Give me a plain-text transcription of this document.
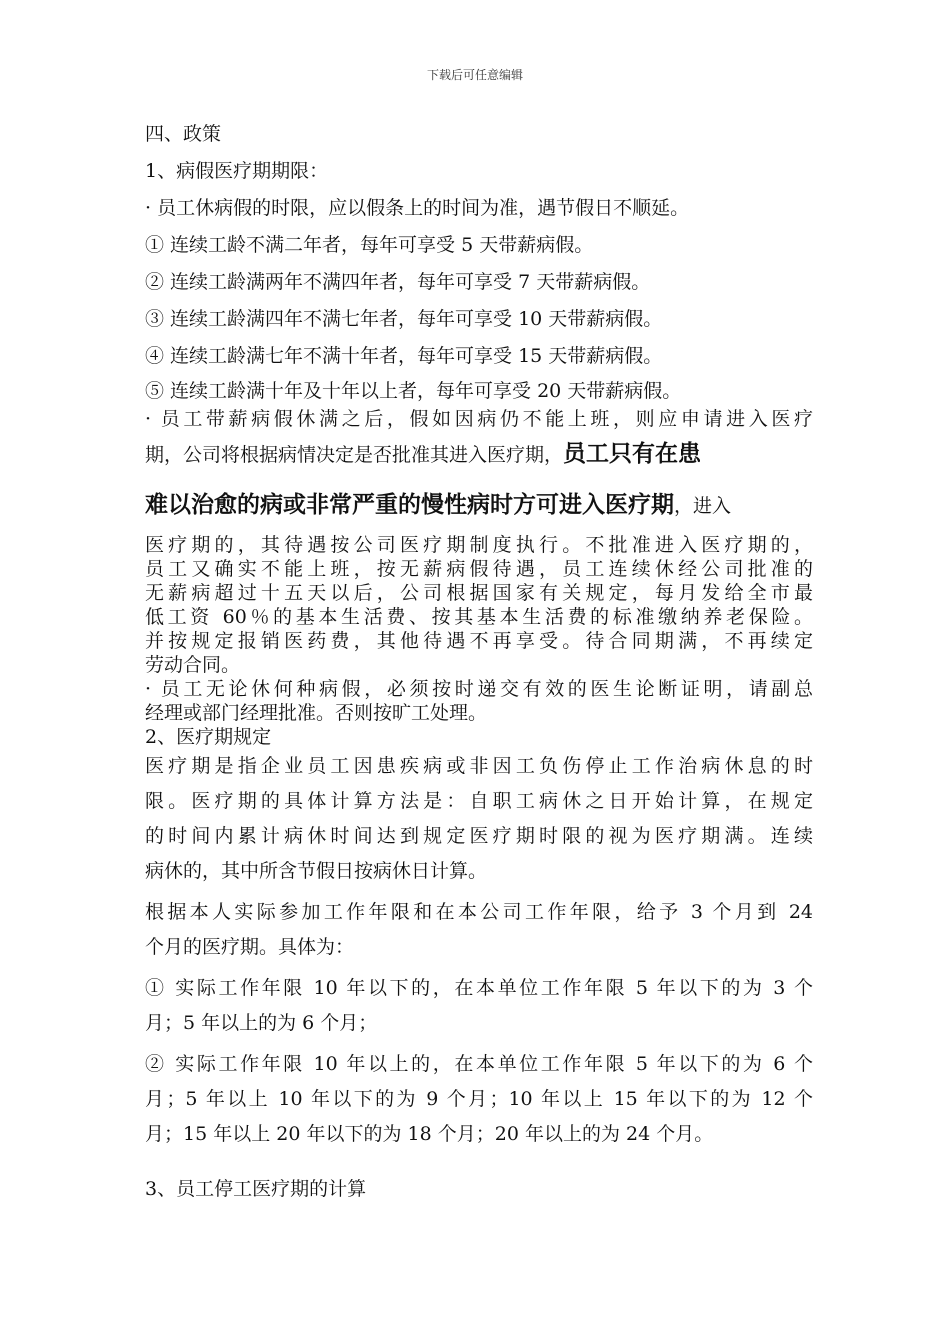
下载后可任意编辑

四、政策

1、病假医疗期期限：

· 员工休病假的时限，应以假条上的时间为准，遇节假日不顺延。

① 连续工龄不满二年者，每年可享受 5 天带薪病假。

② 连续工龄满两年不满四年者，每年可享受 7 天带薪病假。

③ 连续工龄满四年不满七年者，每年可享受 10 天带薪病假。

④ 连续工龄满七年不满十年者，每年可享受 15 天带薪病假。

⑤ 连续工龄满十年及十年以上者，每年可享受 20 天带薪病假。

· 员工带薪病假休满之后，假如因病仍不能上班，则应申请进入医疗

期，公司将根据病情决定是否批准其进入医疗期，员工只有在患

难以治愈的病或非常严重的慢性病时方可进入医疗期，进入

医疗期的，其待遇按公司医疗期制度执行。不批准进入医疗期的，

员工又确实不能上班，按无薪病假待遇，员工连续休经公司批准的

无薪病超过十五天以后，公司根据国家有关规定，每月发给全市最

低工资 60％的基本生活费、按其基本生活费的标准缴纳养老保险。

并按规定报销医药费，其他待遇不再享受。待合同期满，不再续定

劳动合同。

· 员工无论休何种病假，必须按时递交有效的医生论断证明，请副总

经理或部门经理批准。否则按旷工处理。

2、医疗期规定

医疗期是指企业员工因患疾病或非因工负伤停止工作治病休息的时

限。医疗期的具体计算方法是：自职工病休之日开始计算，在规定

的时间内累计病休时间达到规定医疗期时限的视为医疗期满。连续

病休的，其中所含节假日按病休日计算。

根据本人实际参加工作年限和在本公司工作年限，给予 3 个月到 24

个月的医疗期。具体为：

① 实际工作年限 10 年以下的，在本单位工作年限 5 年以下的为 3 个

月；5 年以上的为 6 个月；

② 实际工作年限 10 年以上的，在本单位工作年限 5 年以下的为 6 个

月；5 年以上 10 年以下的为 9 个月；10 年以上 15 年以下的为 12 个

月；15 年以上 20 年以下的为 18 个月；20 年以上的为 24 个月。

3、员工停工医疗期的计算
